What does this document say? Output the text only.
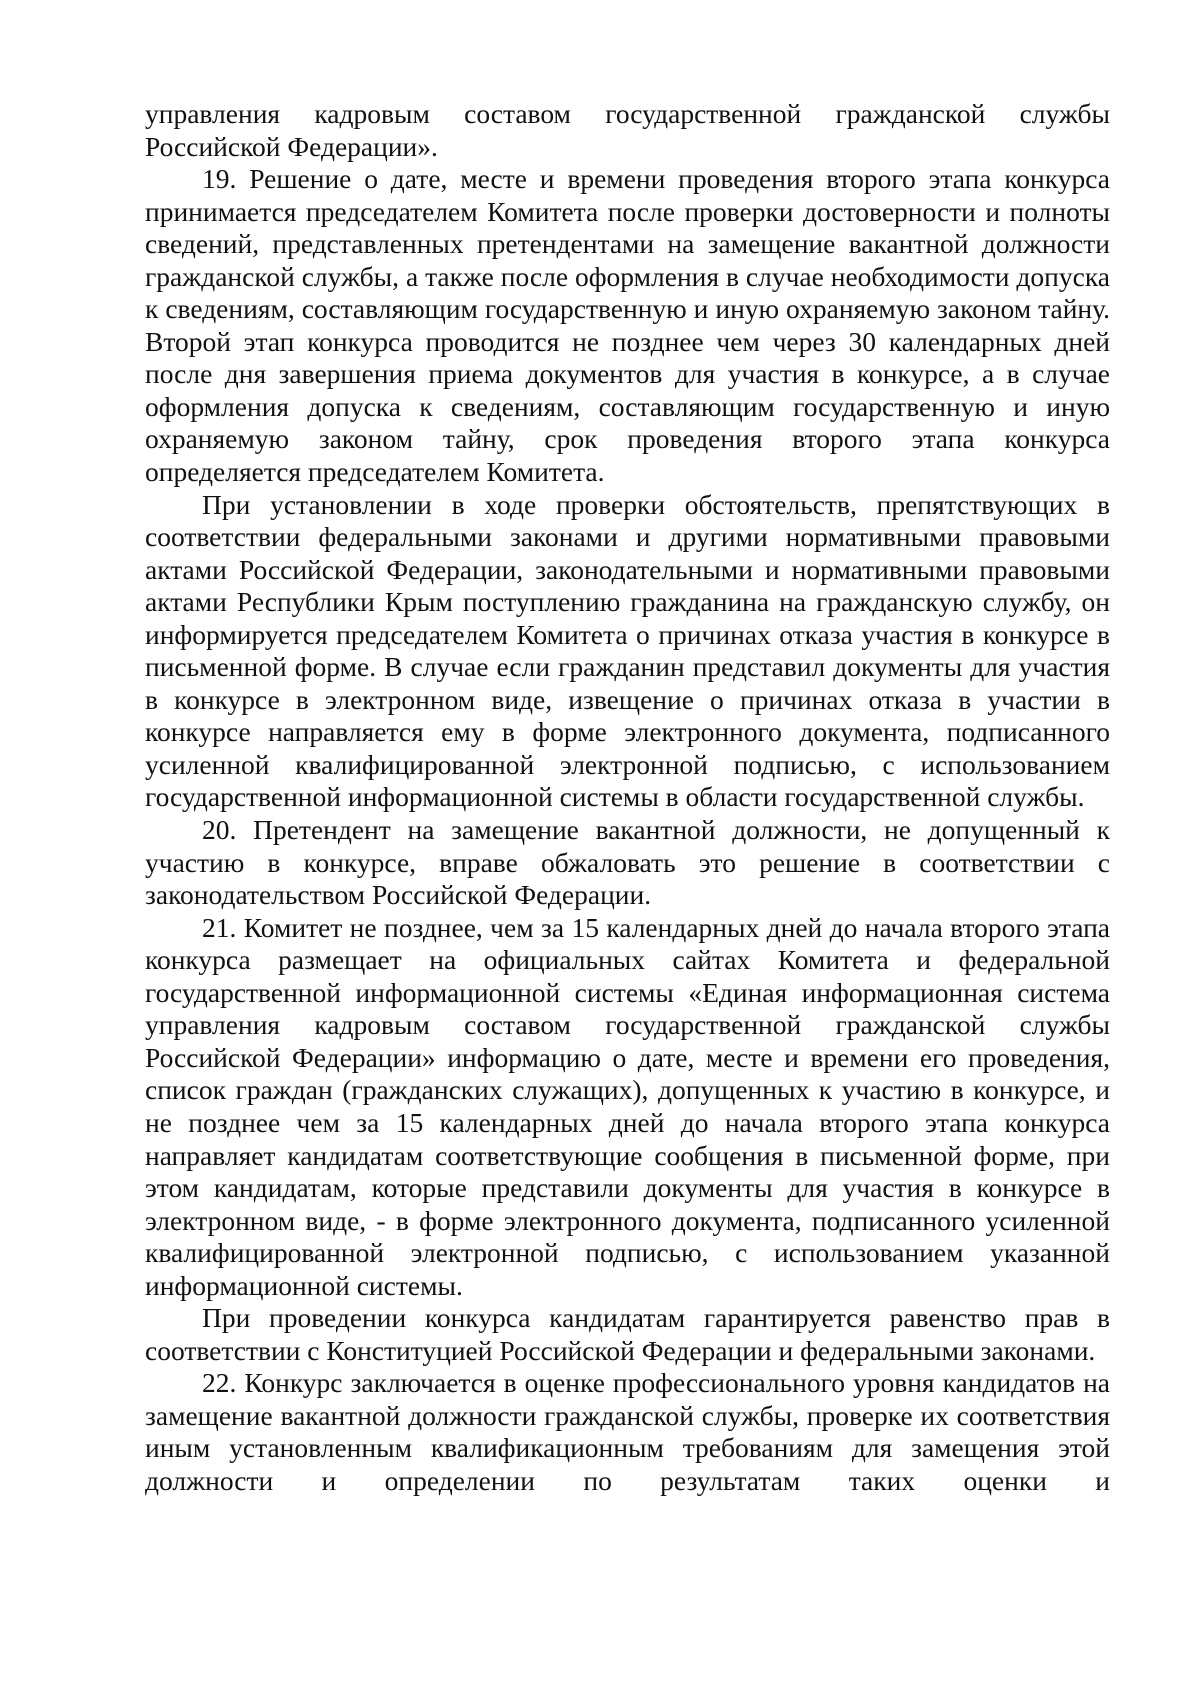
управления кадровым составом государственной гражданской службы Российской Федерации».

19. Решение о дате, месте и времени проведения второго этапа конкурса принимается председателем Комитета после проверки достоверности и полноты сведений, представленных претендентами на замещение вакантной должности гражданской службы, а также после оформления в случае необходимости допуска к сведениям, составляющим государственную и иную охраняемую законом тайну. Второй этап конкурса проводится не позднее чем через 30 календарных дней после дня завершения приема документов для участия в конкурсе, а в случае оформления допуска к сведениям, составляющим государственную и иную охраняемую законом тайну, срок проведения второго этапа конкурса определяется председателем Комитета.

При установлении в ходе проверки обстоятельств, препятствующих в соответствии федеральными законами и другими нормативными правовыми актами Российской Федерации, законодательными и нормативными правовыми актами Республики Крым поступлению гражданина на гражданскую службу, он информируется председателем Комитета о причинах отказа участия в конкурсе в письменной форме. В случае если гражданин представил документы для участия в конкурсе в электронном виде, извещение о причинах отказа в участии в конкурсе направляется ему в форме электронного документа, подписанного усиленной квалифицированной электронной подписью, с использованием государственной информационной системы в области государственной службы.

20. Претендент на замещение вакантной должности, не допущенный к участию в конкурсе, вправе обжаловать это решение в соответствии с законодательством Российской Федерации.

21. Комитет не позднее, чем за 15 календарных дней до начала второго этапа конкурса размещает на официальных сайтах Комитета и федеральной государственной информационной системы «Единая информационная система управления кадровым составом государственной гражданской службы Российской Федерации» информацию о дате, месте и времени его проведения, список граждан (гражданских служащих), допущенных к участию в конкурсе, и не позднее чем за 15 календарных дней до начала второго этапа конкурса направляет кандидатам соответствующие сообщения в письменной форме, при этом кандидатам, которые представили документы для участия в конкурсе в электронном виде, - в форме электронного документа, подписанного усиленной квалифицированной электронной подписью, с использованием указанной информационной системы.

При проведении конкурса кандидатам гарантируется равенство прав в соответствии с Конституцией Российской Федерации и федеральными законами.

22. Конкурс заключается в оценке профессионального уровня кандидатов на замещение вакантной должности гражданской службы, проверке их соответствия иным установленным квалификационным требованиям для замещения этой должности и определении по результатам таких оценки и
